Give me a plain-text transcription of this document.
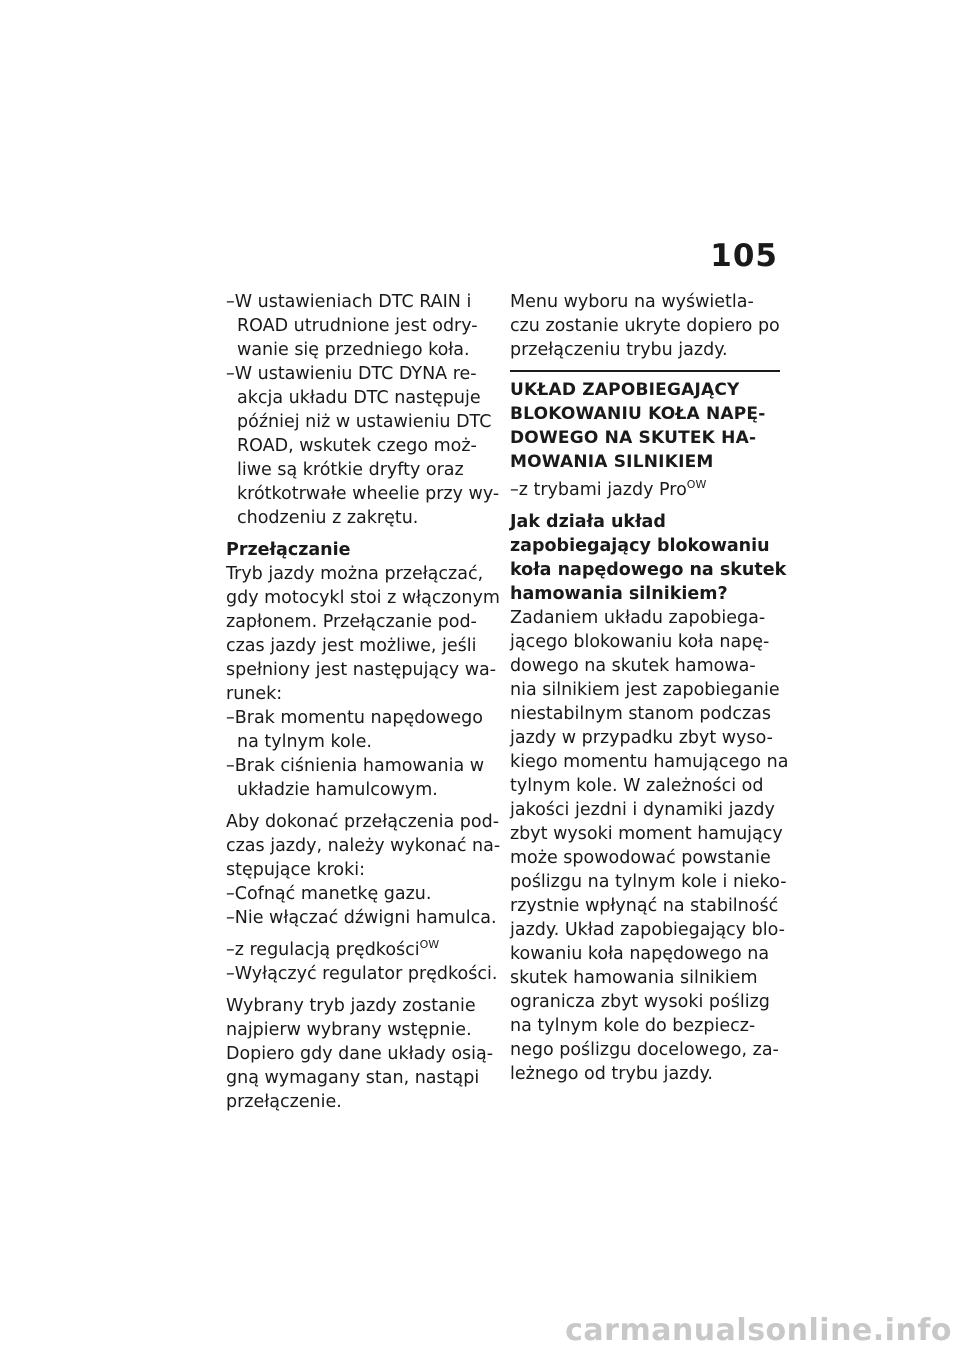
105
–W ustawieniach DTC RAIN i
ROAD utrudnione jest odry-
wanie się przedniego koła.
–W ustawieniu DTC DYNA re-
akcja układu DTC następuje
później niż w ustawieniu DTC
ROAD, wskutek czego moż-
liwe są krótkie dryfty oraz
krótkotrwałe wheelie przy wy-
chodzeniu z zakrętu.
Przełączanie
Tryb jazdy można przełączać,
gdy motocykl stoi z włączonym
zapłonem. Przełączanie pod-
czas jazdy jest możliwe, jeśli
spełniony jest następujący wa-
runek:
–Brak momentu napędowego
na tylnym kole.
–Brak ciśnienia hamowania w
układzie hamulcowym.
Aby dokonać przełączenia pod-
czas jazdy, należy wykonać na-
stępujące kroki:
–Cofnąć manetkę gazu.
–Nie włączać dźwigni hamulca.
–z regulacją prędkości$^{OW}$
–Wyłączyć regulator prędkości.
Wybrany tryb jazdy zostanie
najpierw wybrany wstępnie.
Dopiero gdy dane układy osią-
gną wymagany stan, nastąpi
przełączenie.
Menu wyboru na wyświetla-
czu zostanie ukryte dopiero po
przełączeniu trybu jazdy.
UKŁAD ZAPOBIEGAJĄCY
BLOKOWANIU KOŁA NAPĘ-
DOWEGO NA SKUTEK HA-
MOWANIA SILNIKIEM
–z trybami jazdy Pro$^{OW}$
Jak działa układ
zapobiegający blokowaniu
koła napędowego na skutek
hamowania silnikiem?
Zadaniem układu zapobiega-
jącego blokowaniu koła napę-
dowego na skutek hamowa-
nia silnikiem jest zapobieganie
niestabilnym stanom podczas
jazdy w przypadku zbyt wyso-
kiego momentu hamującego na
tylnym kole. W zależności od
jakości jezdni i dynamiki jazdy
zbyt wysoki moment hamujący
może spowodować powstanie
poślizgu na tylnym kole i nieko-
rzystnie wpłynąć na stabilność
jazdy. Układ zapobiegający blo-
kowaniu koła napędowego na
skutek hamowania silnikiem
ogranicza zbyt wysoki poślizg
na tylnym kole do bezpiecz-
nego poślizgu docelowego, za-
leżnego od trybu jazdy.
carmanualsonline.info
